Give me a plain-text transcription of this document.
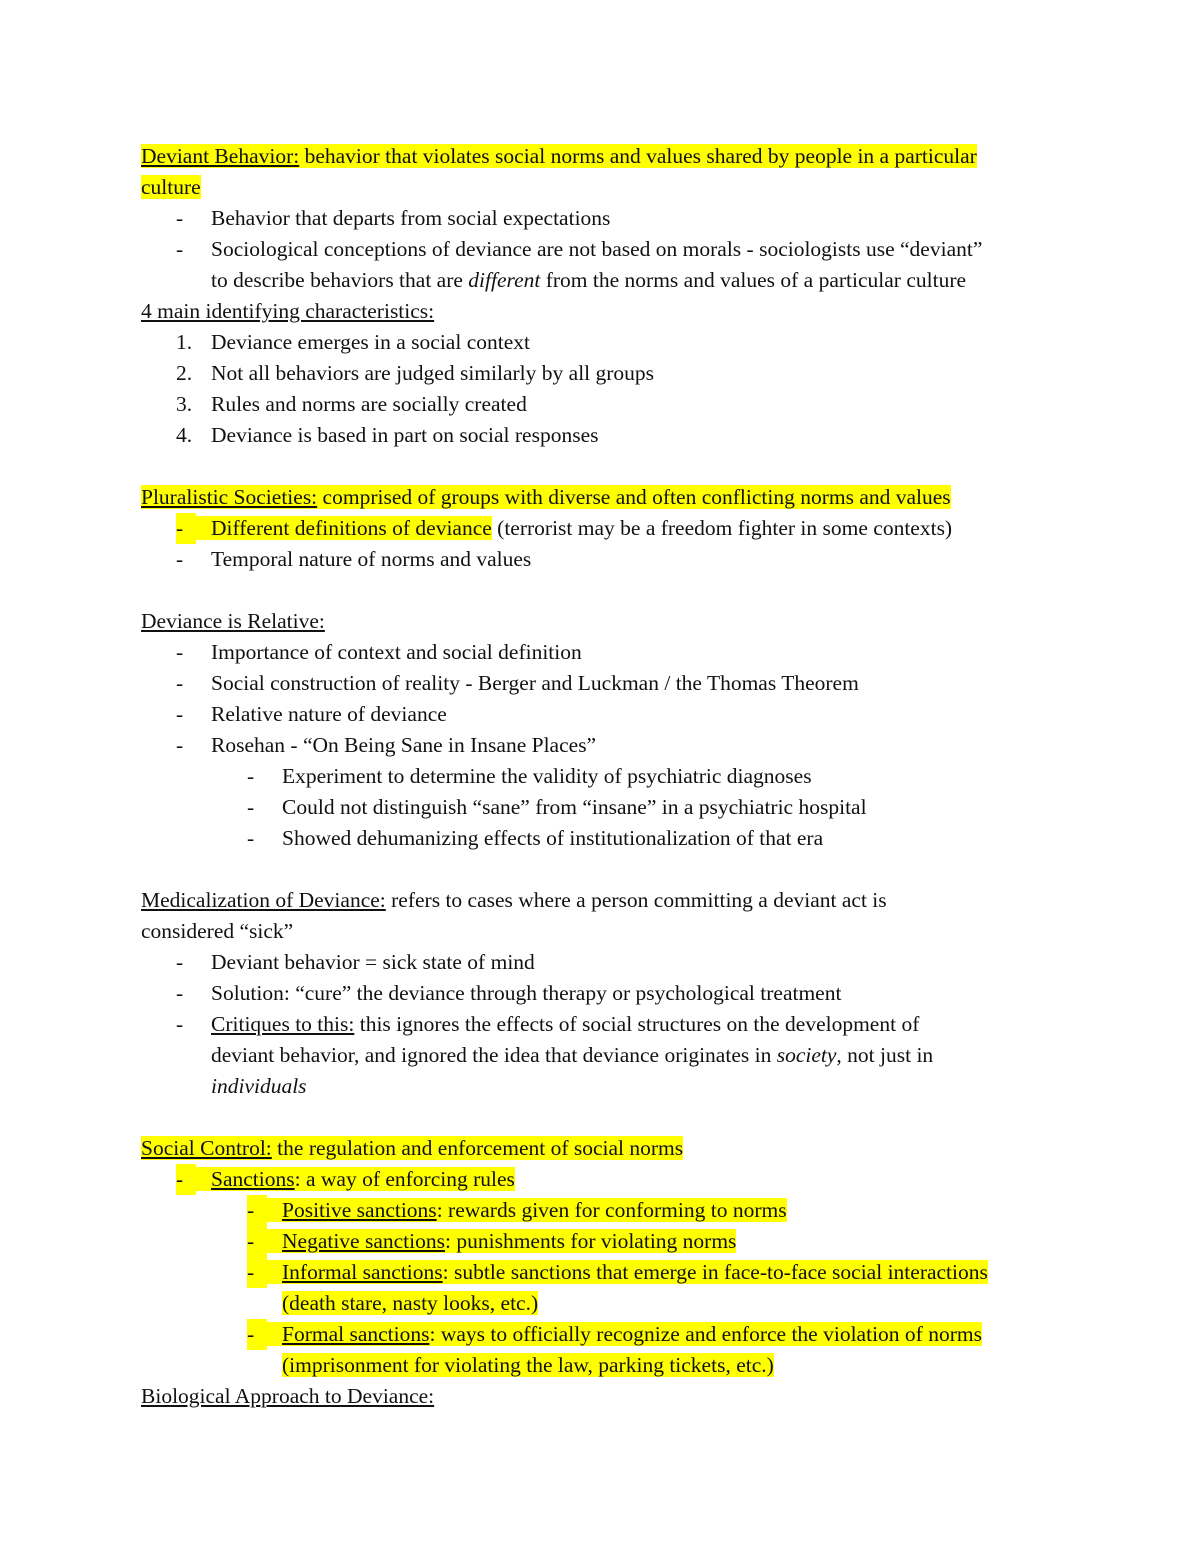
Deviant Behavior: behavior that violates social norms and values shared by people in a particular
culture
-	Behavior that departs from social expectations
-	Sociological conceptions of deviance are not based on morals - sociologists use “deviant”
to describe behaviors that are different from the norms and values of a particular culture
4 main identifying characteristics:
1. Deviance emerges in a social context
2. Not all behaviors are judged similarly by all groups
3. Rules and norms are socially created
4. Deviance is based in part on social responses
Pluralistic Societies: comprised of groups with diverse and often conflicting norms and values
-	Different definitions of deviance (terrorist may be a freedom fighter in some contexts)
-	Temporal nature of norms and values
Deviance is Relative:
-	Importance of context and social definition
-	Social construction of reality - Berger and Luckman / the Thomas Theorem
-	Relative nature of deviance
-	Rosehan - “On Being Sane in Insane Places”
-	Experiment to determine the validity of psychiatric diagnoses
-	Could not distinguish “sane” from “insane” in a psychiatric hospital
-	Showed dehumanizing effects of institutionalization of that era
Medicalization of Deviance: refers to cases where a person committing a deviant act is
considered “sick”
-	Deviant behavior = sick state of mind
-	Solution: “cure” the deviance through therapy or psychological treatment
-	Critiques to this: this ignores the effects of social structures on the development of
deviant behavior, and ignored the idea that deviance originates in society, not just in
individuals
Social Control: the regulation and enforcement of social norms
-	Sanctions: a way of enforcing rules
-	Positive sanctions: rewards given for conforming to norms
-	Negative sanctions: punishments for violating norms
-	Informal sanctions: subtle sanctions that emerge in face-to-face social interactions
(death stare, nasty looks, etc.)
-	Formal sanctions: ways to officially recognize and enforce the violation of norms
(imprisonment for violating the law, parking tickets, etc.)
Biological Approach to Deviance:
